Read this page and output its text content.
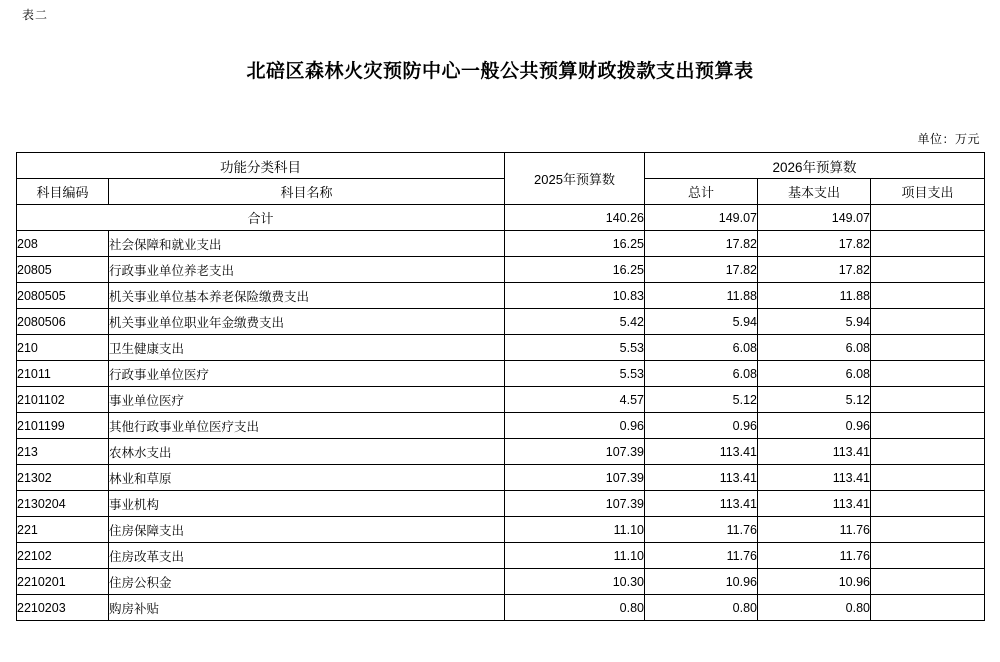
表二
北碚区森林火灾预防中心一般公共预算财政拨款支出预算表
单位：万元
功能分类科目		2025年预算数	2026年预算数		
科目编码	科目名称		总计	基本支出	项目支出
合计		140.26	149.07	149.07	
208	社会保障和就业支出	16.25	17.82	17.82	
20805	行政事业单位养老支出	16.25	17.82	17.82	
2080505	机关事业单位基本养老保险缴费支出	10.83	11.88	11.88	
2080506	机关事业单位职业年金缴费支出	5.42	5.94	5.94	
210	卫生健康支出	5.53	6.08	6.08	
21011	行政事业单位医疗	5.53	6.08	6.08	
2101102	事业单位医疗	4.57	5.12	5.12	
2101199	其他行政事业单位医疗支出	0.96	0.96	0.96	
213	农林水支出	107.39	113.41	113.41	
21302	林业和草原	107.39	113.41	113.41	
2130204	事业机构	107.39	113.41	113.41	
221	住房保障支出	11.10	11.76	11.76	
22102	住房改革支出	11.10	11.76	11.76	
2210201	住房公积金	10.30	10.96	10.96	
2210203	购房补贴	0.80	0.80	0.80	
